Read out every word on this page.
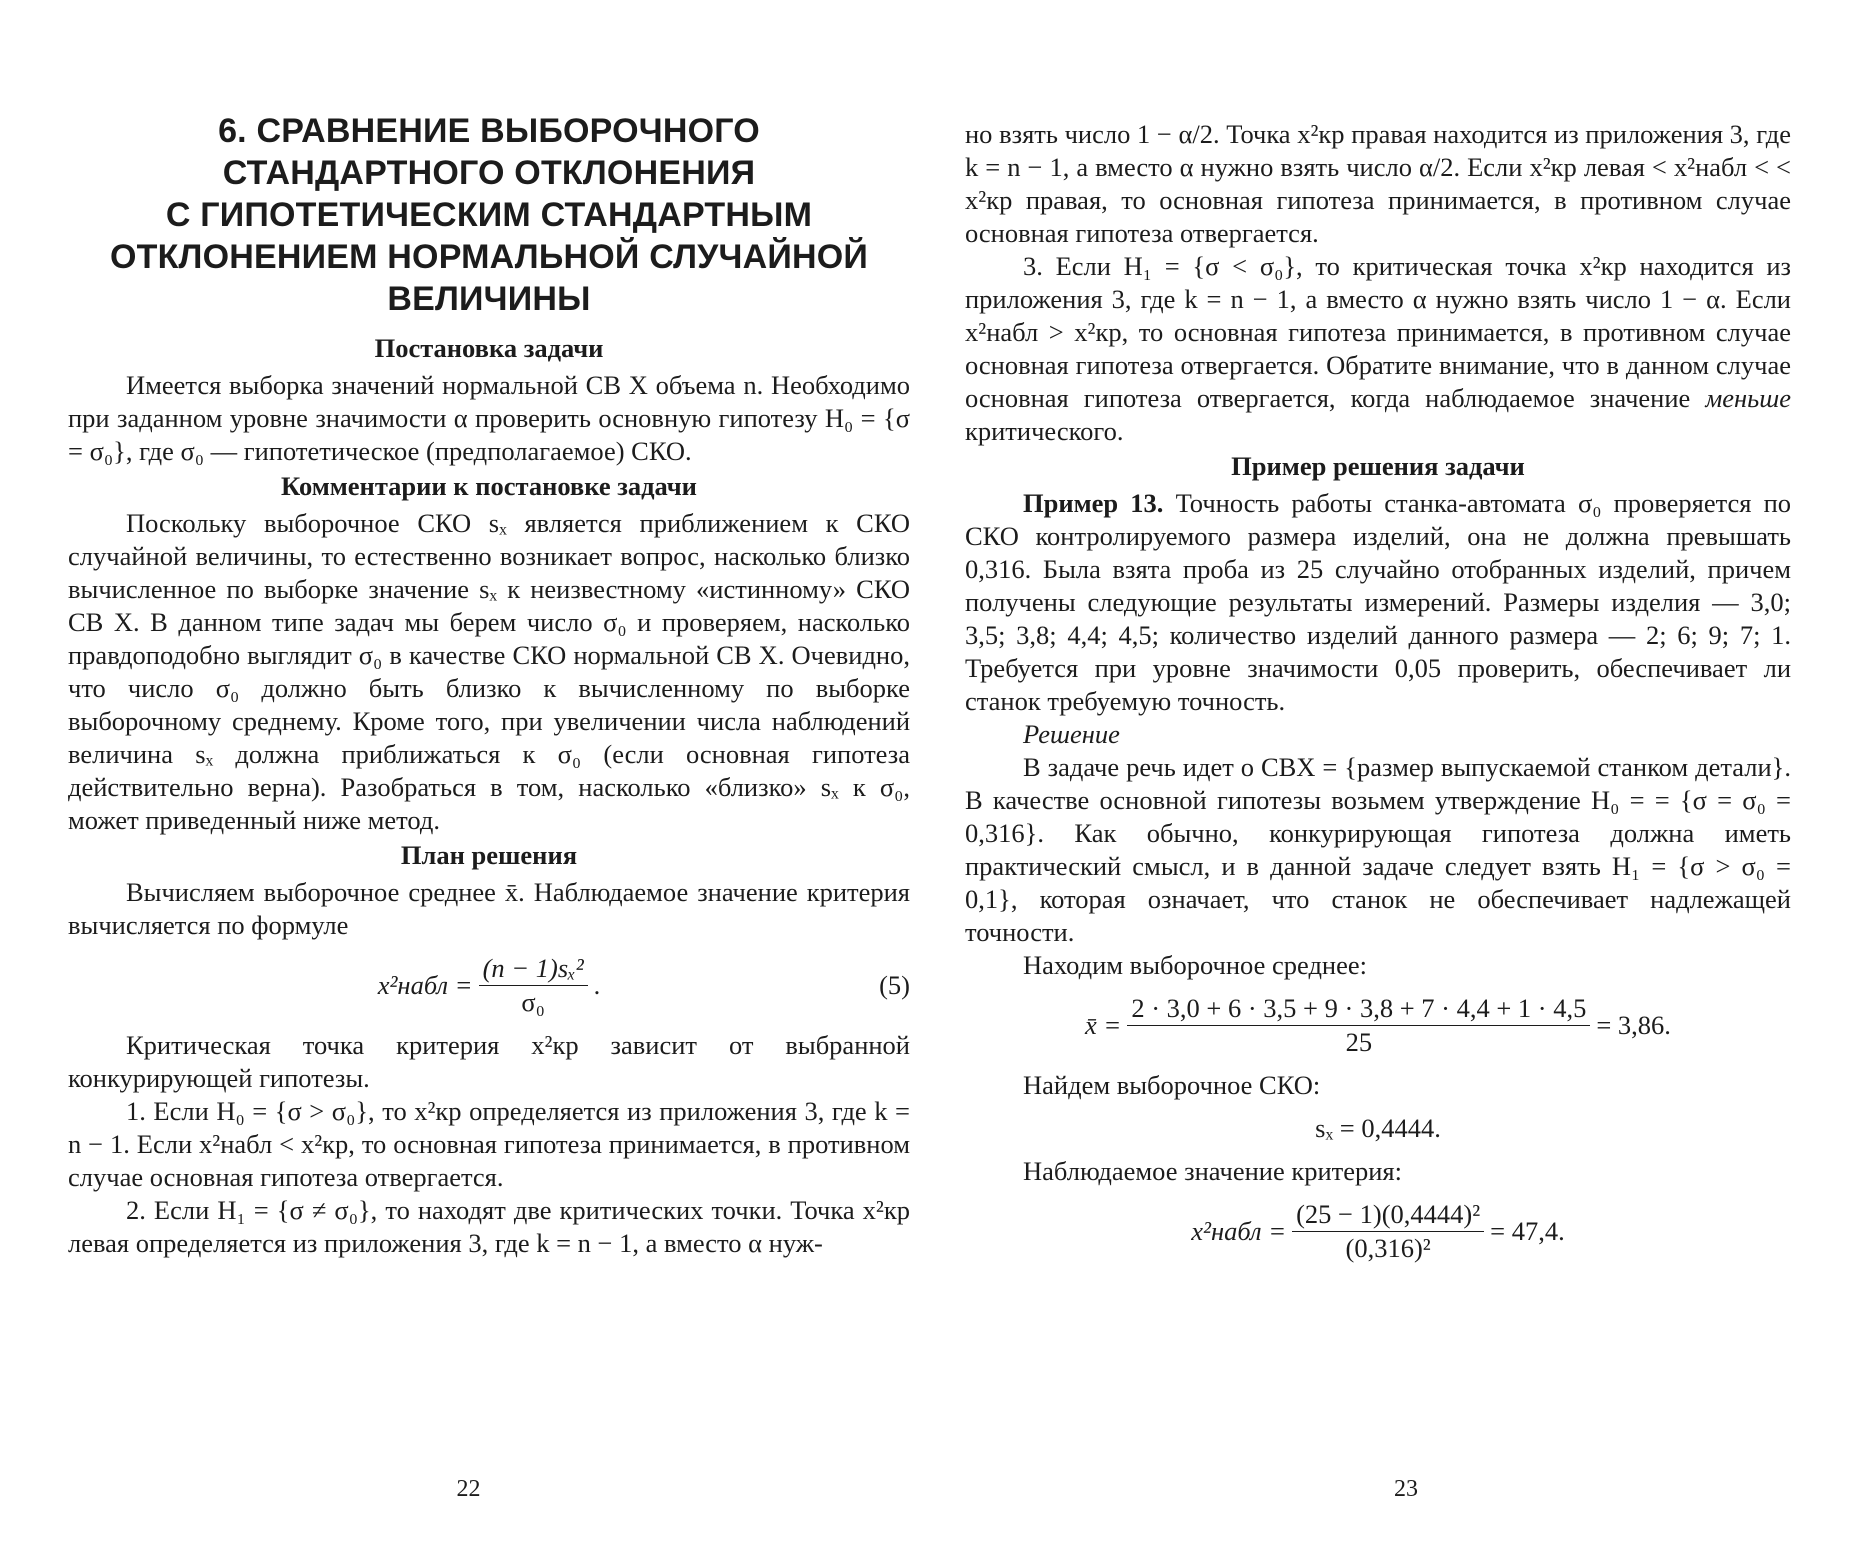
6. СРАВНЕНИЕ ВЫБОРОЧНОГО
СТАНДАРТНОГО ОТКЛОНЕНИЯ
С ГИПОТЕТИЧЕСКИМ СТАНДАРТНЫМ
ОТКЛОНЕНИЕМ НОРМАЛЬНОЙ СЛУЧАЙНОЙ
ВЕЛИЧИНЫ
Постановка задачи

Имеется выборка значений нормальной СВ X объема n. Необходимо при заданном уровне значимости α проверить основную гипотезу H₀ = {σ = σ₀}, где σ₀ — гипотетическое (предполагаемое) СКО.

Комментарии к постановке задачи

Поскольку выборочное СКО sₓ является приближением к СКО случайной величины, то естественно возникает вопрос, насколько близко вычисленное по выборке значение sₓ к неизвестному «истинному» СКО СВ X. В данном типе задач мы берем число σ₀ и проверяем, насколько правдоподобно выглядит σ₀ в качестве СКО нормальной СВ X. Очевидно, что число σ₀ должно быть близко к вычисленному по выборке выборочному среднему. Кроме того, при увеличении числа наблюдений величина sₓ должна приближаться к σ₀ (если основная гипотеза действительно верна). Разобраться в том, насколько «близко» sₓ к σ₀, может приведенный ниже метод.

План решения

Вычисляем выборочное среднее x̄. Наблюдаемое значение критерия вычисляется по формуле

x²набл = $\frac{\text{(n − 1)sₓ²}}{\text{σ₀}}$ .	(5)

Критическая точка критерия x²кр зависит от выбранной конкурирующей гипотезы.

1. Если H₀ = {σ > σ₀}, то x²кр определяется из приложения 3, где k = n − 1. Если x²набл < x²кр, то основная гипотеза принимается, в противном случае основная гипотеза отвергается.

2. Если H₁ = {σ ≠ σ₀}, то находят две критических точки. Точка x²кр левая определяется из приложения 3, где k = n − 1, а вместо α нуж-

22

но взять число 1 − α/2. Точка x²кр правая находится из приложения 3, где k = n − 1, а вместо α нужно взять число α/2. Если x²кр левая < x²набл < < x²кр правая, то основная гипотеза принимается, в противном случае основная гипотеза отвергается.

3. Если H₁ = {σ < σ₀}, то критическая точка x²кр находится из приложения 3, где k = n − 1, а вместо α нужно взять число 1 − α. Если x²набл > x²кр, то основная гипотеза принимается, в противном случае основная гипотеза отвергается. Обратите внимание, что в данном случае основная гипотеза отвергается, когда наблюдаемое значение меньше критического.

Пример решения задачи

Пример 13. Точность работы станка-автомата σ₀ проверяется по СКО контролируемого размера изделий, она не должна превышать 0,316. Была взята проба из 25 случайно отобранных изделий, причем получены следующие результаты измерений. Размеры изделия — 3,0; 3,5; 3,8; 4,4; 4,5; количество изделий данного размера — 2; 6; 9; 7; 1. Требуется при уровне значимости 0,05 проверить, обеспечивает ли станок требуемую точность.

Решение

В задаче речь идет о СВX = {размер выпускаемой станком детали}. В качестве основной гипотезы возьмем утверждение H₀ = = {σ = σ₀ = 0,316}. Как обычно, конкурирующая гипотеза должна иметь практический смысл, и в данной задаче следует взять H₁ = {σ > σ₀ = 0,1}, которая означает, что станок не обеспечивает надлежащей точности.

Находим выборочное среднее:

x̄ = $\frac{2 \cdot 3,0 + 6 \cdot 3,5 + 9 \cdot 3,8 + 7 \cdot 4,4 + 1 \cdot 4,5}{25} = 3,86$.

Найдем выборочное СКО:

sₓ = 0,4444.

Наблюдаемое значение критерия:

x²набл = $\frac{\text{(25 − 1)(0,4444)²}}{\text{(0,316)²}} = 47,4$.
23
